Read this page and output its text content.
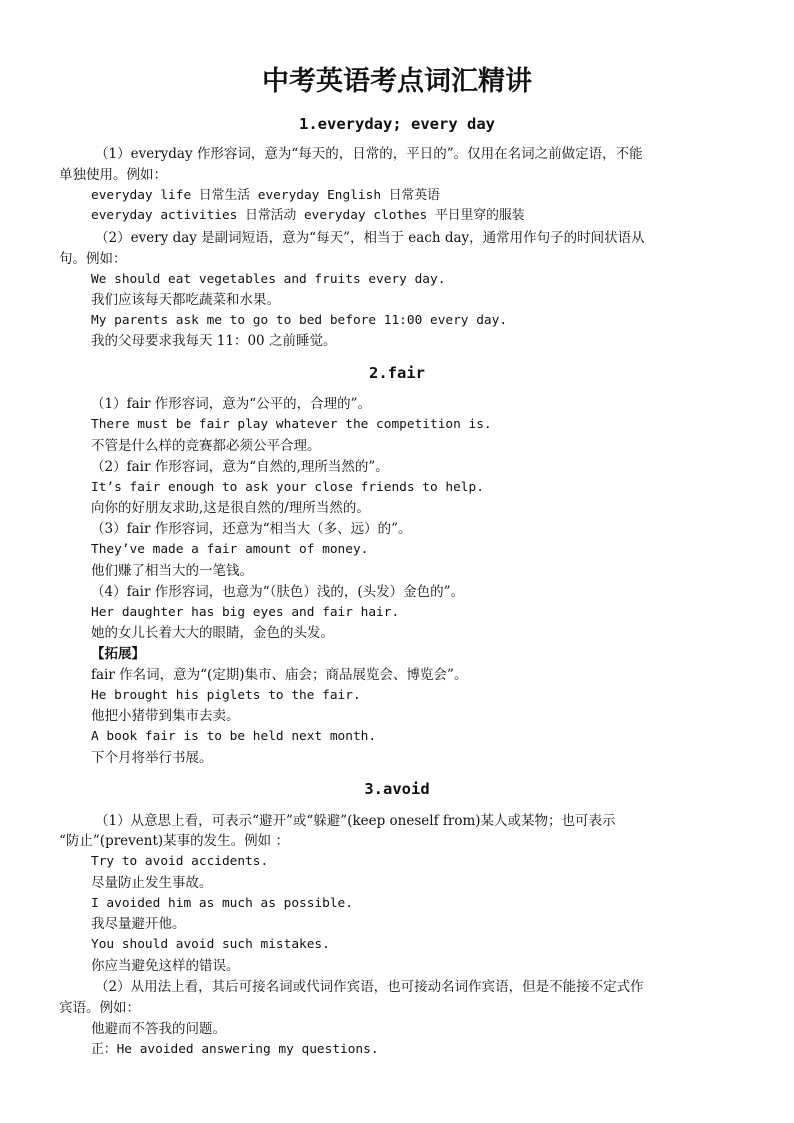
中考英语考点词汇精讲
1.everyday; every day
（1）everyday 作形容词，意为“每天的，日常的，平日的”。仅用在名词之前做定语，不能
单独使用。例如：
everyday life 日常生活 everyday English 日常英语
everyday activities 日常活动 everyday clothes 平日里穿的服装
（2）every day 是副词短语，意为“每天”，相当于 each day，通常用作句子的时间状语从
句。例如：
We should eat vegetables and fruits every day.
我们应该每天都吃蔬菜和水果。
My parents ask me to go to bed before 11:00 every day.
我的父母要求我每天 11：00 之前睡觉。
2.fair
（1）fair 作形容词，意为“公平的，合理的”。
There must be fair play whatever the competition is.
不管是什么样的竞赛都必须公平合理。
（2）fair 作形容词，意为“自然的,理所当然的”。
It’s fair enough to ask your close friends to help.
向你的好朋友求助,这是很自然的/理所当然的。
（3）fair 作形容词，还意为“相当大（多、远）的”。
They’ve made a fair amount of money.
他们赚了相当大的一笔钱。
（4）fair 作形容词，也意为“（肤色）浅的，(头发）金色的”。
Her daughter has big eyes and fair hair.
她的女儿长着大大的眼睛，金色的头发。
【拓展】
fair 作名词，意为“(定期)集市、庙会；商品展览会、博览会”。
He brought his piglets to the fair.
他把小猪带到集市去卖。
A book fair is to be held next month.
下个月将举行书展。
3.avoid
（1）从意思上看，可表示“避开”或“躲避”(keep oneself from)某人或某物；也可表示
“防止”(prevent)某事的发生。例如 ：
Try to avoid accidents.
尽量防止发生事故。
I avoided him as much as possible.
我尽量避开他。
You should avoid such mistakes.
你应当避免这样的错误。
（2）从用法上看，其后可接名词或代词作宾语，也可接动名词作宾语，但是不能接不定式作
宾语。例如：
他避而不答我的问题。
正：He avoided answering my questions.
